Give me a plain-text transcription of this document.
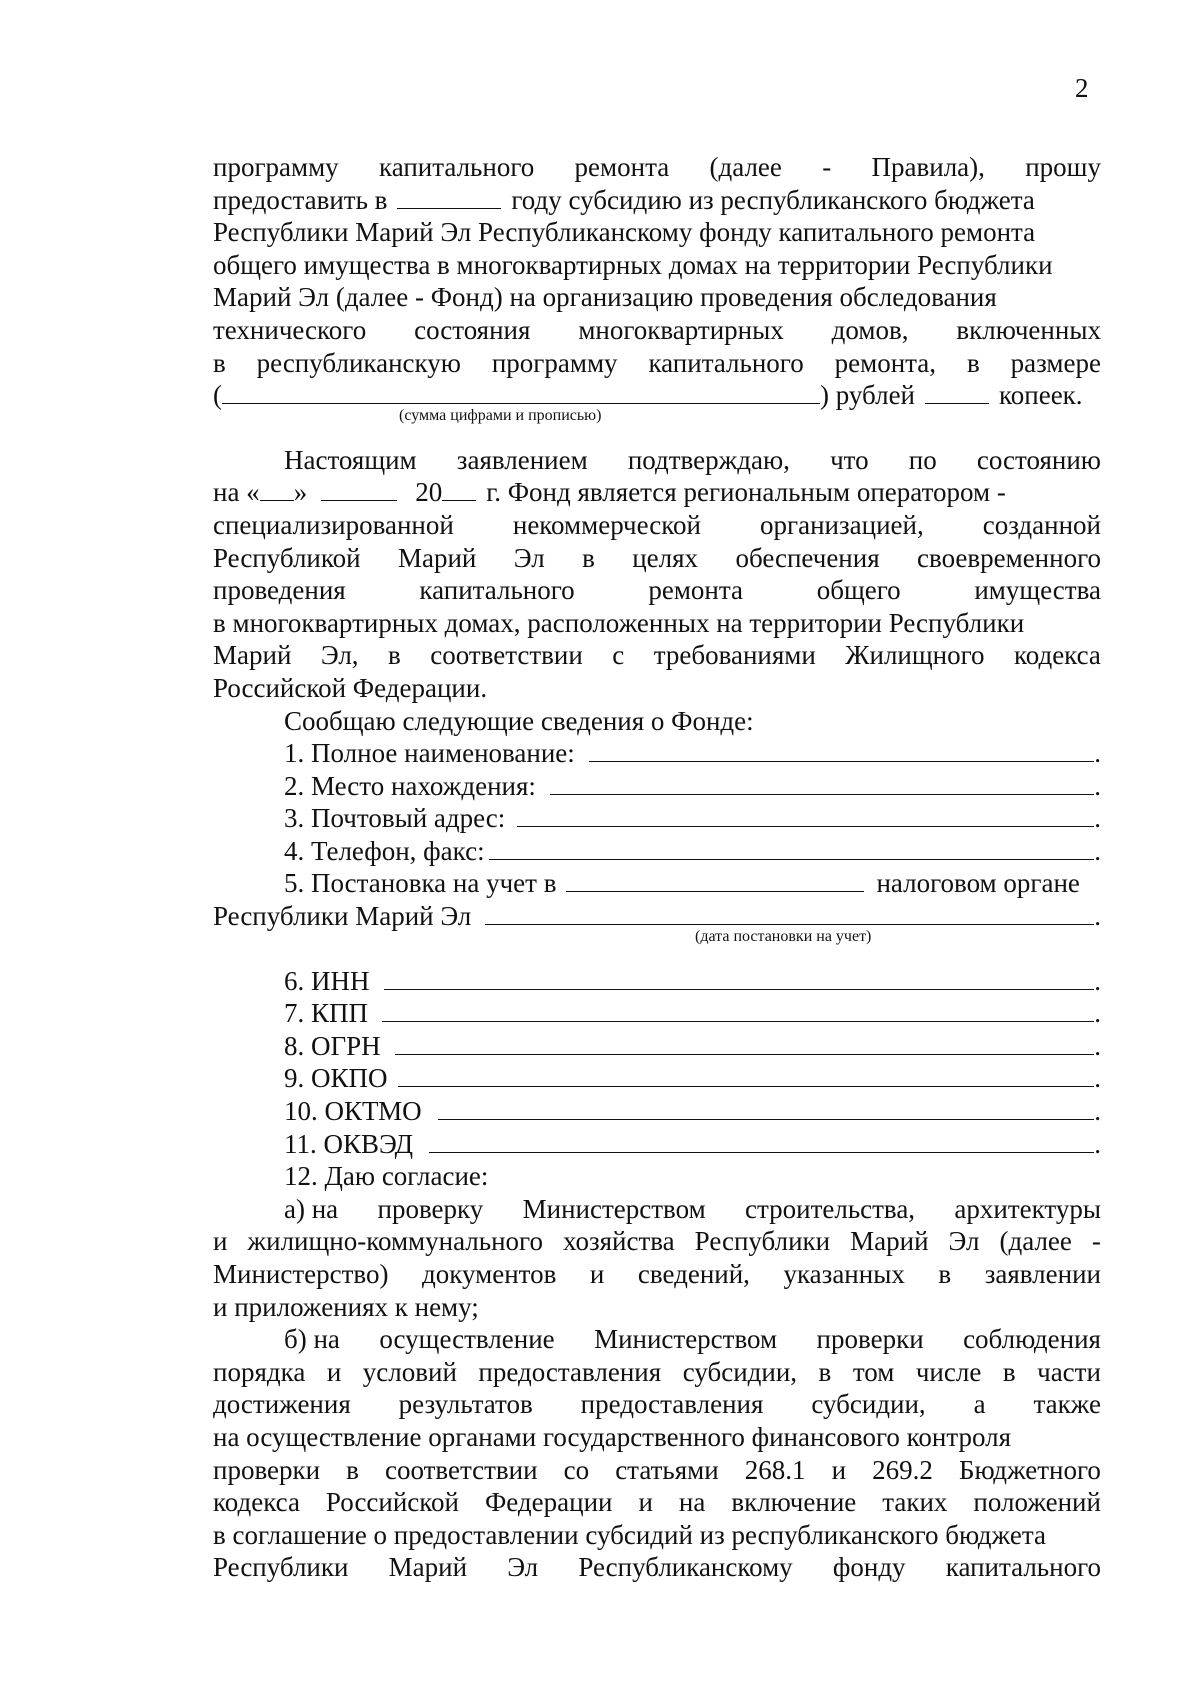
2
программу капитального ремонта (далее - Правила), прошу
предоставить в	году субсидию из республиканского бюджета
Республики Марий Эл Республиканскому фонду капитального ремонта
общего имущества в многоквартирных домах на территории Республики
Марий Эл (далее - Фонд) на организацию проведения обследования
технического состояния многоквартирных домов, включенных
в республиканскую программу капитального ремонта, в размере
(	) рублей	копеек.
(сумма цифрами и прописью)
Настоящим заявлением подтверждаю, что по состоянию
на « »	20 г. Фонд является региональным оператором -
специализированной некоммерческой организацией, созданной
Республикой Марий Эл в целях обеспечения своевременного
проведения	капитального	ремонта	общего	имущества
в многоквартирных домах, расположенных на территории Республики
Марий Эл, в соответствии с требованиями Жилищного кодекса
Российской Федерации.
Сообщаю следующие сведения о Фонде:
1. Полное наименование:	.
2. Место нахождения:	.
3. Почтовый адрес:	.
4. Телефон, факс:	.
5. Постановка на учет в	налоговом органе
Республики Марий Эл	.
(дата постановки на учет)
6. ИНН	.
7. КПП	.
8. ОГРН	.
9. ОКПО	.
10. ОКТМО	.
11. ОКВЭД	.
12. Даю согласие:
а) на проверку Министерством строительства, архитектуры
и жилищно-коммунального хозяйства Республики Марий Эл (далее -
Министерство) документов и сведений, указанных в заявлении
и приложениях к нему;
б) на осуществление Министерством проверки соблюдения
порядка и условий предоставления субсидии, в том числе в части
достижения результатов предоставления субсидии, а также
на осуществление органами государственного финансового контроля
проверки в соответствии со статьями 268.1 и 269.2 Бюджетного
кодекса Российской Федерации и на включение таких положений
в соглашение о предоставлении субсидий из республиканского бюджета
Республики Марий Эл Республиканскому фонду капитального
